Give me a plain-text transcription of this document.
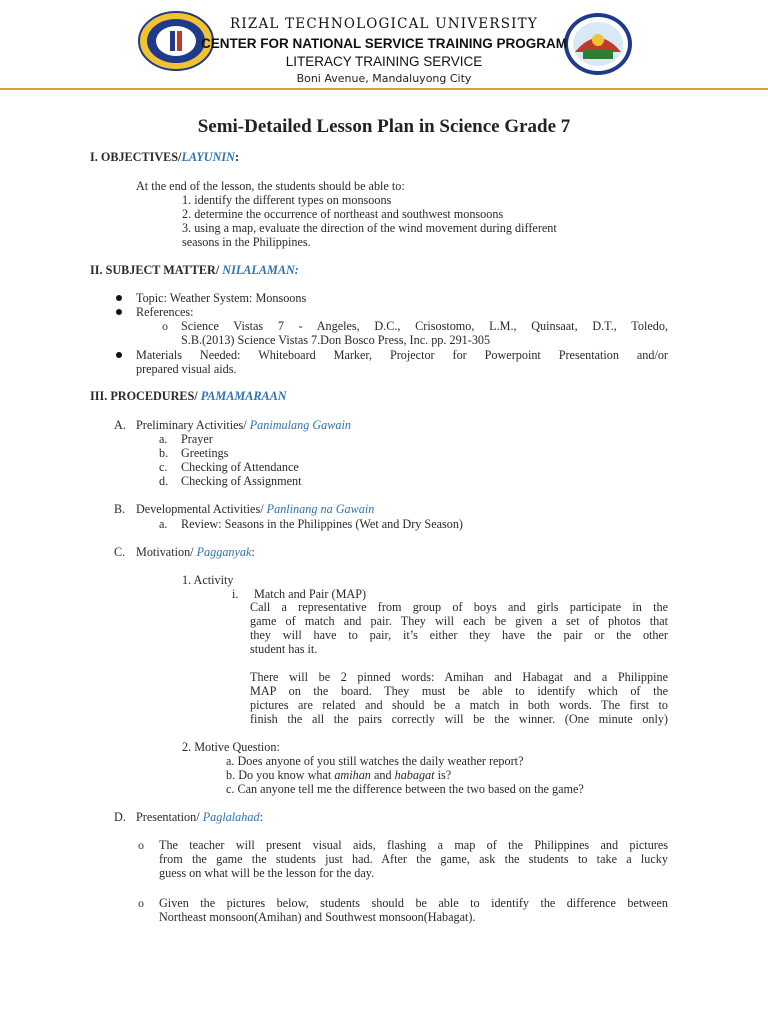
RIZAL TECHNOLOGICAL UNIVERSITY
CENTER FOR NATIONAL SERVICE TRAINING PROGRAM
LITERACY TRAINING SERVICE
Boni Avenue, Mandaluyong City
Semi-Detailed Lesson Plan in Science Grade 7
I. OBJECTIVES/LAYUNIN:
At the end of the lesson, the students should be able to:
1. identify the different types on monsoons
2. determine the occurrence of northeast and southwest monsoons
3. using a map, evaluate the direction of the wind movement during different
seasons in the Philippines.
II. SUBJECT MATTER/ NILALAMAN:
Topic: Weather System: Monsoons
References:
o Science Vistas 7 - Angeles, D.C., Crisostomo, L.M., Quinsaat, D.T., Toledo,
S.B.(2013) Science Vistas 7.Don Bosco Press, Inc. pp. 291-305
Materials Needed: Whiteboard Marker, Projector for Powerpoint Presentation and/or
prepared visual aids.
III. PROCEDURES/ PAMAMARAAN
A. Preliminary Activities/ Panimulang Gawain
a. Prayer
b. Greetings
c. Checking of Attendance
d. Checking of Assignment
B. Developmental Activities/ Panlinang na Gawain
a. Review: Seasons in the Philippines (Wet and Dry Season)
C. Motivation/ Pagganyak:
1. Activity
i. Match and Pair (MAP)
Call a representative from group of boys and girls participate in the
game of match and pair. They will each be given a set of photos that
they will have to pair, it’s either they have the pair or the other
student has it.
There will be 2 pinned words: Amihan and Habagat and a Philippine
MAP on the board. They must be able to identify which of the
pictures are related and should be a match in both words. The first to
finish the all the pairs correctly will be the winner. (One minute only)
2. Motive Question:
a. Does anyone of you still watches the daily weather report?
b. Do you know what amihan and habagat is?
c. Can anyone tell me the difference between the two based on the game?
D. Presentation/ Paglalahad:
o The teacher will present visual aids, flashing a map of the Philippines and pictures
from the game the students just had. After the game, ask the students to take a lucky
guess on what will be the lesson for the day.
o Given the pictures below, students should be able to identify the difference between
Northeast monsoon(Amihan) and Southwest monsoon(Habagat).
